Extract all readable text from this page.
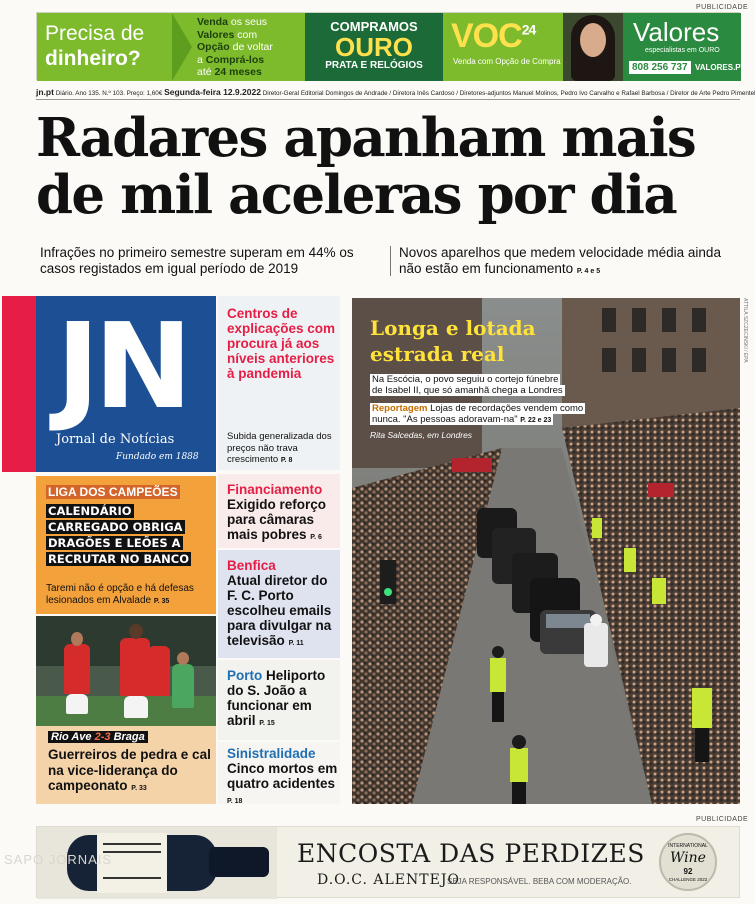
PUBLICIDADE
Precisa de
dinheiro?
Venda os seus
Valores com
Opção de voltar
a Comprá-los
até 24 meses
COMPRAMOS
OURO
PRATA E RELÓGIOS
VOC$^{24}$
Venda com Opção de Compra
Valores
especialistas em OURO
808 256 737 VALORES.PT
jn.pt Diário. Ano 135. N.º 103. Preço: 1,60€ Segunda-feira 12.9.2022 Diretor-Geral Editorial Domingos de Andrade / Diretora Inês Cardoso / Diretores-adjuntos Manuel Molinos, Pedro Ivo Carvalho e Rafael Barbosa / Diretor de Arte Pedro Pimentel
Radares apanham mais de mil aceleras por dia
Infrações no primeiro semestre superam em 44% os casos registados em igual período de 2019
Novos aparelhos que medem velocidade média ainda não estão em funcionamento P. 4 e 5
JN
Jornal de Notícias
Fundado em 1888
LIGA DOS CAMPEÕES
CALENDÁRIO CARREGADO OBRIGA DRAGÕES E LEÕES A RECRUTAR NO BANCO
Taremi não é opção e há defesas lesionados em Alvalade P. 35
Rio Ave 2-3 Braga
Guerreiros de pedra e cal na vice-liderança do campeonato P. 33
Centros de explicações com procura já aos níveis anteriores à pandemia
Subida generalizada dos preços não trava crescimento P. 8
Financiamento
Exigido reforço para câmaras mais pobres P. 6
Benfica
Atual diretor do F. C. Porto escolheu emails para divulgar na televisão P. 11
Porto Heliporto do S. João a funcionar em abril P. 15
Sinistralidade
Cinco mortos em quatro acidentes P. 18
ATTILA SZCZECINSKI / EPA
Longa e lotada estrada real
Na Escócia, o povo seguiu o cortejo fúnebre de Isabel II, que só amanhã chega a Londres
Reportagem Lojas de recordações vendem como nunca. "As pessoas adoravam-na" P. 22 e 23
Rita Salcedas, em Londres
PUBLICIDADE
ENCOSTA DAS PERDIZES
D.O.C. ALENTEJO
SEJA RESPONSÁVEL. BEBA COM MODERAÇÃO.
INTERNATIONAL
Wine
92
CHALLENGE 2022
SAPO JORNAIS
